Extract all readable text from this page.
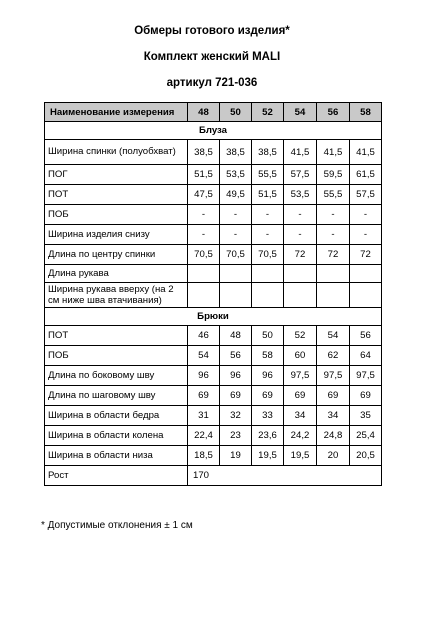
Обмеры готового изделия*
Комплект женский MALI
артикул 721-036
Наименование измерения	48	50	52	54	56	58
Блуза						
Ширина спинки (полуобхват)	38,5	38,5	38,5	41,5	41,5	41,5
ПОГ	51,5	53,5	55,5	57,5	59,5	61,5
ПОТ	47,5	49,5	51,5	53,5	55,5	57,5
ПОБ	-	-	-	-	-	-
Ширина изделия снизу	-	-	-	-	-	-
Длина по центру спинки	70,5	70,5	70,5	72	72	72
Длина рукава						
Ширина рукава вверху (на 2 см ниже шва втачивания)						
Брюки						
ПОТ	46	48	50	52	54	56
ПОБ	54	56	58	60	62	64
Длина по боковому шву	96	96	96	97,5	97,5	97,5
Длина по шаговому шву	69	69	69	69	69	69
Ширина в области бедра	31	32	33	34	34	35
Ширина в области колена	22,4	23	23,6	24,2	24,8	25,4
Ширина в области низа	18,5	19	19,5	19,5	20	20,5
Рост	170					
* Допустимые отклонения ± 1 см
